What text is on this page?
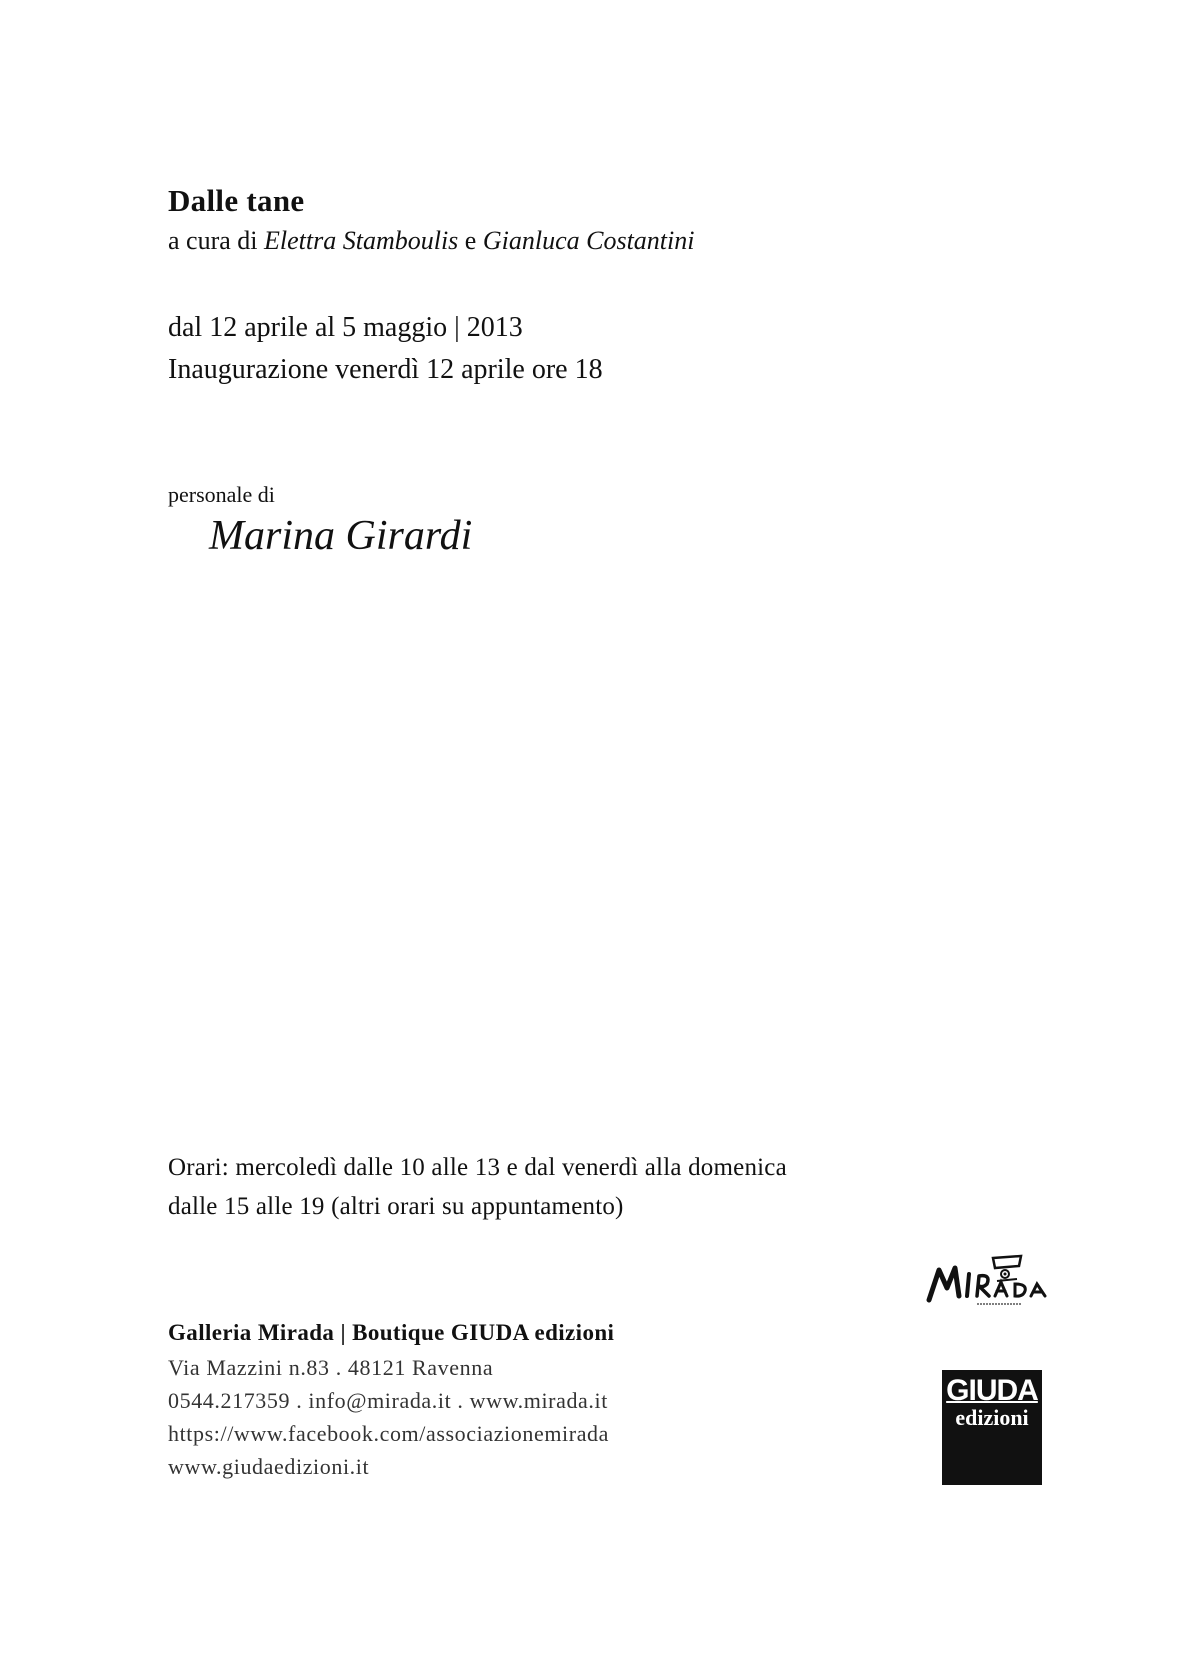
Dalle tane
a cura di Elettra Stamboulis e Gianluca Costantini
dal 12 aprile al 5 maggio | 2013
Inaugurazione venerdì 12 aprile ore 18
personale di
Marina Girardi
Orari: mercoledì dalle 10 alle 13 e dal venerdì alla domenica
dalle 15 alle 19 (altri orari su appuntamento)
Galleria Mirada | Boutique GIUDA edizioni
Via Mazzini n.83 . 48121 Ravenna
0544.217359 . info@mirada.it . www.mirada.it
https://www.facebook.com/associazionemirada
www.giudaedizioni.it
GIUDA
edizioni
